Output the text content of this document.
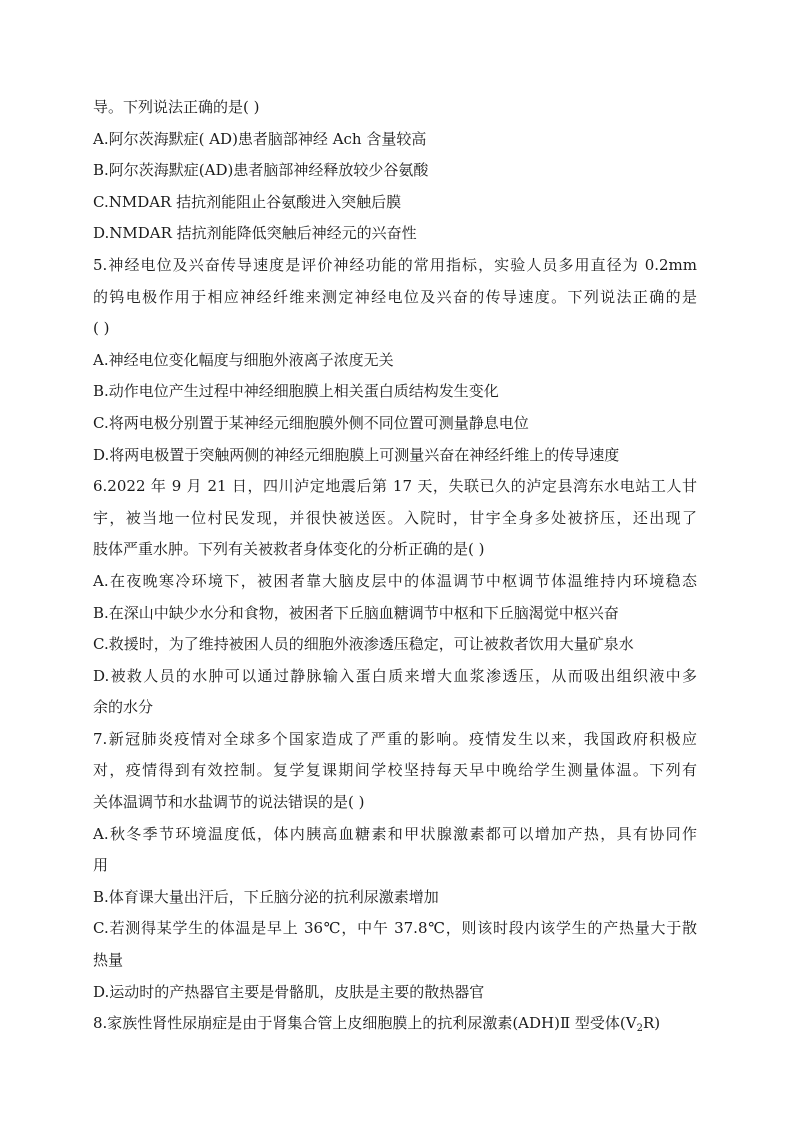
导。下列说法正确的是( )
A.阿尔茨海默症( AD)患者脑部神经 Ach 含量较高
B.阿尔茨海默症(AD)患者脑部神经释放较少谷氨酸
C.NMDAR 拮抗剂能阻止谷氨酸进入突触后膜
D.NMDAR 拮抗剂能降低突触后神经元的兴奋性
5.神经电位及兴奋传导速度是评价神经功能的常用指标，实验人员多用直径为 0.2mm
的钨电极作用于相应神经纤维来测定神经电位及兴奋的传导速度。下列说法正确的是
( )
A.神经电位变化幅度与细胞外液离子浓度无关
B.动作电位产生过程中神经细胞膜上相关蛋白质结构发生变化
C.将两电极分别置于某神经元细胞膜外侧不同位置可测量静息电位
D.将两电极置于突触两侧的神经元细胞膜上可测量兴奋在神经纤维上的传导速度
6.2022 年 9 月 21 日，四川泸定地震后第 17 天，失联已久的泸定县湾东水电站工人甘
宇，被当地一位村民发现，并很快被送医。入院时，甘宇全身多处被挤压，还出现了
肢体严重水肿。下列有关被救者身体变化的分析正确的是( )
A.在夜晚寒冷环境下，被困者靠大脑皮层中的体温调节中枢调节体温维持内环境稳态
B.在深山中缺少水分和食物，被困者下丘脑血糖调节中枢和下丘脑渴觉中枢兴奋
C.救援时，为了维持被困人员的细胞外液渗透压稳定，可让被救者饮用大量矿泉水
D.被救人员的水肿可以通过静脉输入蛋白质来增大血浆渗透压，从而吸出组织液中多
余的水分
7.新冠肺炎疫情对全球多个国家造成了严重的影响。疫情发生以来，我国政府积极应
对，疫情得到有效控制。复学复课期间学校坚持每天早中晚给学生测量体温。下列有
关体温调节和水盐调节的说法错误的是( )
A.秋冬季节环境温度低，体内胰高血糖素和甲状腺激素都可以增加产热，具有协同作
用
B.体育课大量出汗后，下丘脑分泌的抗利尿激素增加
C.若测得某学生的体温是早上 36℃，中午 37.8℃，则该时段内该学生的产热量大于散
热量
D.运动时的产热器官主要是骨骼肌，皮肤是主要的散热器官
8.家族性肾性尿崩症是由于肾集合管上皮细胞膜上的抗利尿激素(ADH)Ⅱ 型受体$(V_2R)$
